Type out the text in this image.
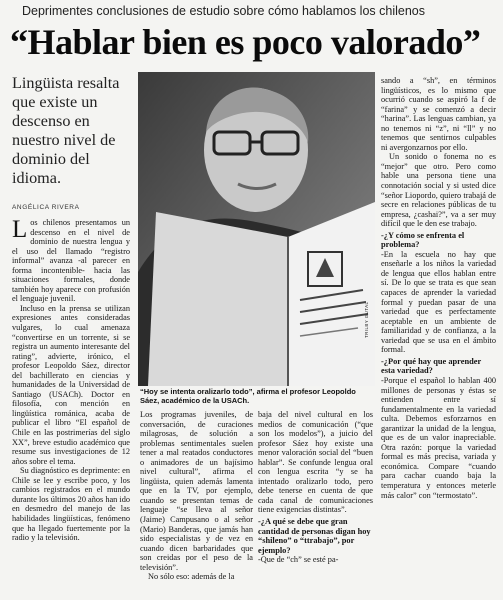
Deprimentes conclusiones de estudio sobre cómo hablamos los chilenos
“Hablar bien es poco valorado”
Lingüista resalta que existe un descenso en nuestro nivel de dominio del idioma.
ANGÉLICA RIVERA
TRILBY GUTAL
“Hoy se intenta oralizarlo todo”, afirma el profesor Leopoldo Sáez, académico de la USACh.

Los chilenos presentamos un descenso en el nivel de dominio de nuestra lengua y el uso del llamado “registro informal” avanza -al parecer en forma incontenible- hacia las situaciones formales, donde también hoy aparece con profusión el lenguaje juvenil.

Incluso en la prensa se utilizan expresiones antes consideradas vulgares, lo cual amenaza “convertirse en un torrente, si se registra un aumento interesante del rating”, advierte, irónico, el profesor Leopoldo Sáez, director del bachillerato en ciencias y humanidades de la Universidad de Santiago (USACh). Doctor en filosofía, con mención en lingüística románica, acaba de publicar el libro “El español de Chile en las postrimerías del siglo XX”, breve estudio académico que resume sus investigaciones de 12 años sobre el tema.

Su diagnóstico es deprimente: en Chile se lee y escribe poco, y los cambios registrados en el mundo durante los últimos 20 años han ido en desmedro del manejo de las habilidades lingüísticas, fenómeno que ha llegado fuertemente por la radio y la televisión.

Los programas juveniles, de conversación, de curaciones milagrosas, de solución a problemas sentimentales suelen tener a mal reatados conductores o animadores de un bajísimo nivel cultural”, afirma el lingüista, quien además lamenta que en la TV, por ejemplo, cuando se presentan temas de lenguaje “se lleva al señor (Jaime) Campusano o al señor (Mario) Banderas, que jamás han sido especialistas y de vez en cuando dicen barbaridades que son creidas por el peso de la televisión”.

No sólo eso: además de la

baja del nivel cultural en los medios de comunicación (“que son los modelos”), a juicio del profesor Sáez hoy existe una menor valoración social del “buen hablar”. Se confunde lengua oral con lengua escrita “y se ha intentado oralizarlo todo, pero debe tenerse en cuenta de que cada canal de comunicaciones tiene exigencias distintas”.

-¿A qué se debe que gran cantidad de personas digan hoy “shileno” o “ttrabajo”, por ejemplo?

-Que de “ch” se esté pa-

sando a “sh”, en términos lingüísticos, es lo mismo que ocurrió cuando se aspiró la f de “farina” y se comenzó a decir “harina”. Las lenguas cambian, ya no tenemos ni “z”, ni “ll” y no tenemos que sentirnos culpables ni avergonzarnos por ello.

Un sonido o fonema no es “mejor” que otro. Pero como hable una persona tiene una connotación social y si usted dice “señor Liopordo, quiero trabajá de secre en relaciones públicas de tu empresa, ¿cashai?”, va a ser muy difícil que le den ese trabajo.

-¿Y cómo se enfrenta el problema?

-En la escuela no hay que enseñarle a los niños la variedad de lengua que ellos hablan entre sí. De lo que se trata es que sean capaces de aprender la variedad formal y puedan pasar de una variedad que es perfectamente aceptable en un ambiente de familiaridad y de confianza, a la variedad que se usa en el ámbito formal.

-¿Por qué hay que aprender esta variedad?

-Porque el español lo hablan 400 millones de personas y éstas se entienden entre sí fundamentalmente en la variedad culta. Debemos esforzarnos en garantizar la unidad de la lengua, que es de un valor inapreciable. Otra razón: porque la variedad formal es más precisa, variada y económica. Compare “cuando para cachar cuando baja la temperatura y entonces meterle más calor” con “termostato”.
